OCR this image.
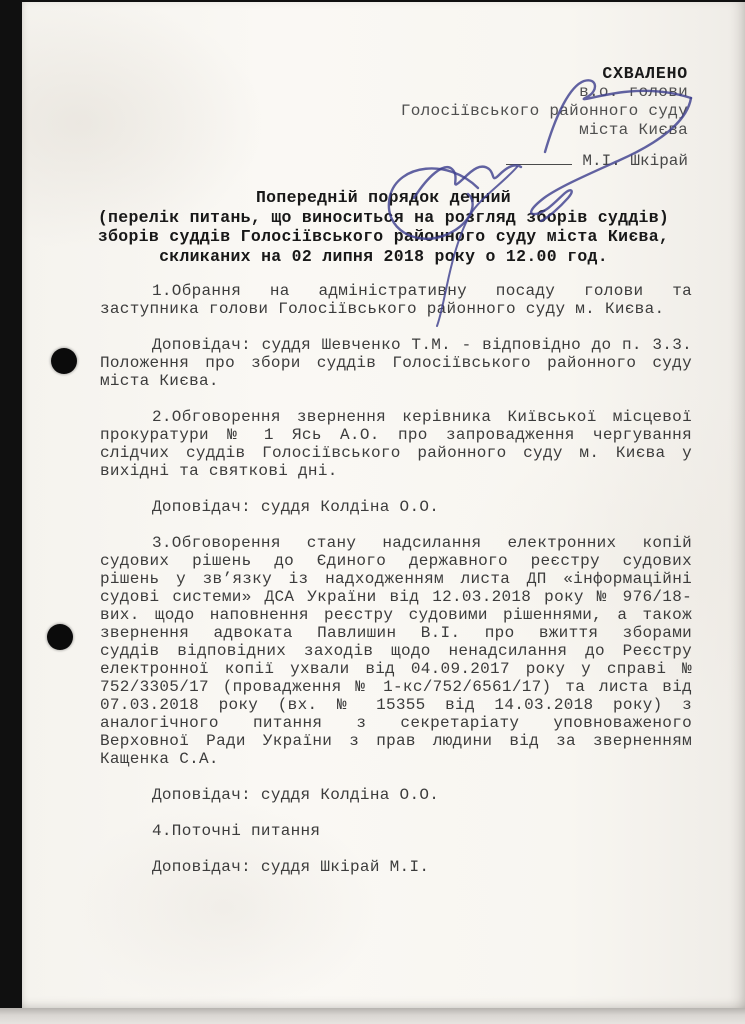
СХВАЛЕНО
в.о. голови
Голосіївського районного суду
міста Києва
М.І. Шкірай
Попередній порядок денний
(перелік питань, що виноситься на розгляд зборів суддів)
зборів суддів Голосіївського районного суду міста Києва,
скликаних на 02 липня 2018 року о 12.00 год.
1.Обрання на адміністративну посаду голови та
заступника голови Голосіївського районного суду м. Києва.
Доповідач: суддя Шевченко Т.М. - відповідно до п. 3.3.
Положення про збори суддів Голосіївського районного суду
міста Києва.
2.Обговорення звернення керівника Київської місцевої
прокуратури № 1 Ясь А.О. про запровадження чергування
слідчих суддів Голосіївського районного суду м. Києва у
вихідні та святкові дні.
Доповідач: суддя Колдіна О.О.
3.Обговорення стану надсилання електронних копій
судових рішень до Єдиного державного реєстру судових
рішень у зв’язку із надходженням листа ДП «інформаційні
судові системи» ДСА України від 12.03.2018 року № 976/18-
вих. щодо наповнення реєстру судовими рішеннями, а також
звернення адвоката Павлишин В.І. про вжиття зборами
суддів відповідних заходів щодо ненадсилання до Реєстру
електронної копії ухвали від 04.09.2017 року у справі №
752/3305/17 (провадження № 1-кс/752/6561/17) та листа від
07.03.2018 року (вх. № 15355 від 14.03.2018 року) з
аналогічного питання з секретаріату уповноваженого
Верховної Ради України з прав людини від за зверненням
Кащенка С.А.
Доповідач: суддя Колдіна О.О.
4.Поточні питання
Доповідач: суддя Шкірай М.І.
